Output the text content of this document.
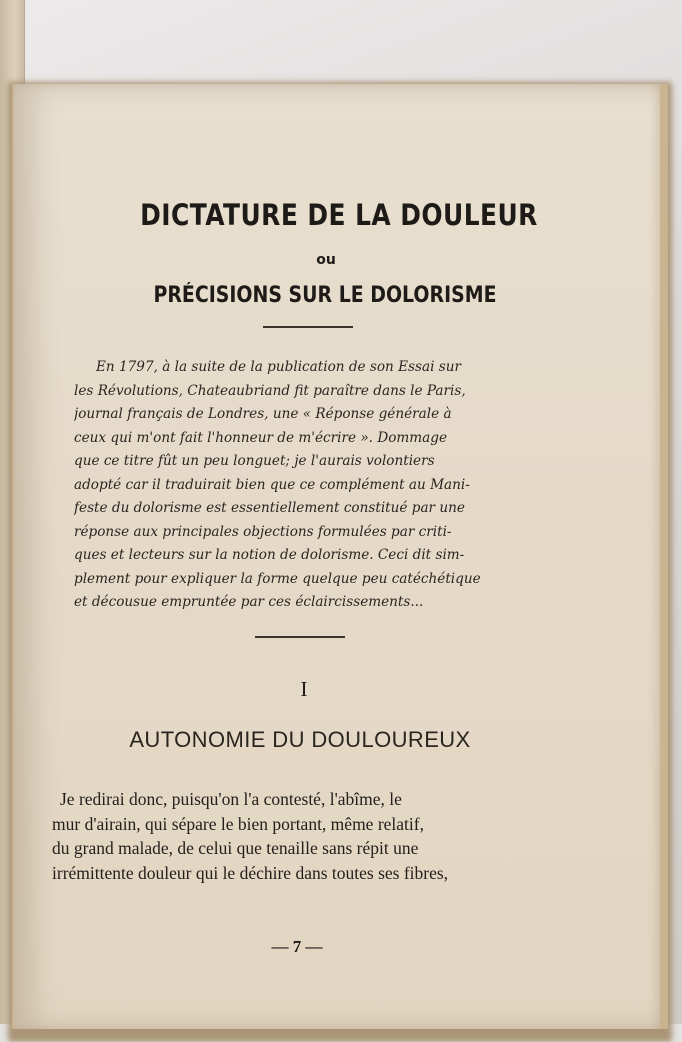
DICTATURE DE LA DOULEUR
ou
PRÉCISIONS SUR LE DOLORISME
En 1797, à la suite de la publication de son Essai sur
les Révolutions, Chateaubriand fit paraître dans le Paris,
journal français de Londres, une « Réponse générale à
ceux qui m'ont fait l'honneur de m'écrire ». Dommage
que ce titre fût un peu longuet; je l'aurais volontiers
adopté car il traduirait bien que ce complément au Mani-
feste du dolorisme est essentiellement constitué par une
réponse aux principales objections formulées par criti-
ques et lecteurs sur la notion de dolorisme. Ceci dit sim-
plement pour expliquer la forme quelque peu catéchétique
et décousue empruntée par ces éclaircissements...
I
AUTONOMIE DU DOULOUREUX
Je redirai donc, puisqu'on l'a contesté, l'abîme, le
mur d'airain, qui sépare le bien portant, même relatif,
du grand malade, de celui que tenaille sans répit une
irrémittente douleur qui le déchire dans toutes ses fibres,
— 7 —
